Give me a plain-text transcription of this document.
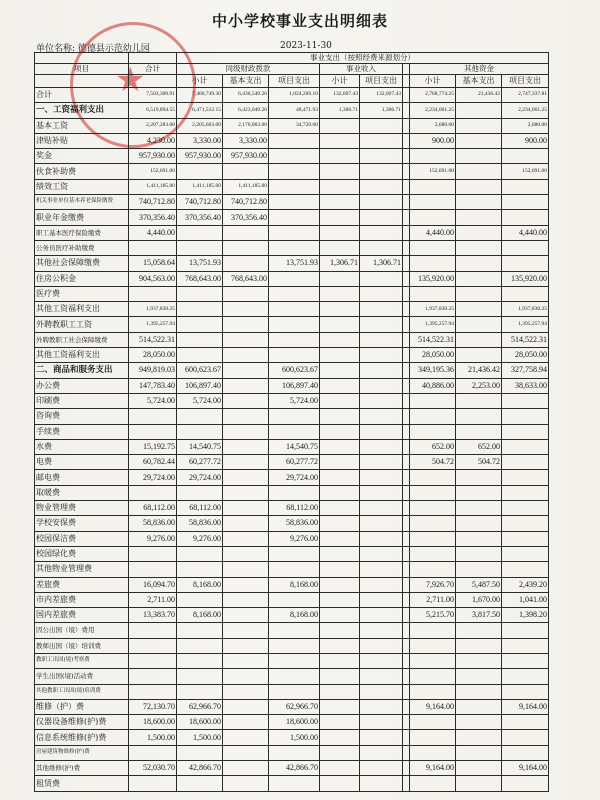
中小学校事业支出明细表
单位名称: 德德县示范幼儿园	2023-11-30
★
		事业支出（按照经费来源划分）								
项目	合计	同级财政拨款			事业收入			其他资金		
		小计	基本支出	项目支出	小计	项目支出		小计	基本支出	项目支出
合计	7,503,300.91	7,460,749.30	6,436,540.20	1,024,209.10	132,007.43	132,007.43		2,768,774.25	21,436.42	2,747,337.81
一、工资福利支出	6,519,894.55	6,471,512.15	6,423,040.20	48,471.93	1,306.71	1,306.71		2,234,061.25		2,234,061.25
基本工资	2,207,283.00	2,205,603.00	2,170,883.00	34,720.00				2,680.00		2,680.00
津贴补贴	4,230.00	3,330.00	3,330.00					900.00		900.00
奖金	957,930.00	957,930.00	957,930.00							
伙食补助费	152,691.00							152,691.00		152,691.00
绩效工资	1,411,185.00	1,411,185.00	1,411,185.00							
机关事业单位基本养老保险缴费	740,712.80	740,712.80	740,712.80							
职业年金缴费	370,356.40	370,356.40	370,356.40							
职工基本医疗保险缴费	4,440.00							4,440.00		4,440.00
公务员医疗补助缴费										
其他社会保障缴费	15,058.64	13,751.93		13,751.93	1,306.71	1,306.71				
住房公积金	904,563.00	768,643.00	768,643.00					135,920.00		135,920.00
医疗费										
其他工资福利支出	1,937,830.25							1,937,830.25		1,937,830.25
外聘教职工工资	1,395,257.94							1,395,257.94		1,395,257.94
外聘教职工社会保障缴费	514,522.31							514,522.31		514,522.31
其他工资福利支出	28,050.00							28,050.00		28,050.00
二、商品和服务支出	949,819.03	600,623.67		600,623.67				349,195.36	21,436.42	327,758.94
办公费	147,783.40	106,897.40		106,897.40				40,886.00	2,253.00	38,633.00
印刷费	5,724.00	5,724.00		5,724.00						
咨询费										
手续费										
水费	15,192.75	14,540.75		14,540.75				652.00	652.00	
电费	60,782.44	60,277.72		60,277.72				504.72	504.72	
邮电费	29,724.00	29,724.00		29,724.00						
取暖费										
物业管理费	68,112.00	68,112.00		68,112.00						
学校安保费	58,836.00	58,836.00		58,836.00						
校园保洁费	9,276.00	9,276.00		9,276.00						
校园绿化费										
其他物业管理费										
差旅费	16,094.70	8,168.00		8,168.00				7,926.70	5,487.50	2,439.20
市内差旅费	2,711.00							2,711.00	1,670.00	1,041.00
国内差旅费	13,383.70	8,168.00		8,168.00				5,215.70	3,817.50	1,398.20
因公出国（境）费用										
教师出国（境）培训费										
教职工出国(境)考察费										
学生出国(境)活动费										
其他教职工出国(境)培训费										
维修（护）费	72,130.70	62,966.70		62,966.70				9,164.00		9,164.00
仪器设备维修(护)费	18,600.00	18,600.00		18,600.00						
信息系统维修(护)费	1,500.00	1,500.00		1,500.00						
房屋建筑物维修(护)费										
其他维修(护)费	52,030.70	42,866.70		42,866.70				9,164.00		9,164.00
租赁费										
